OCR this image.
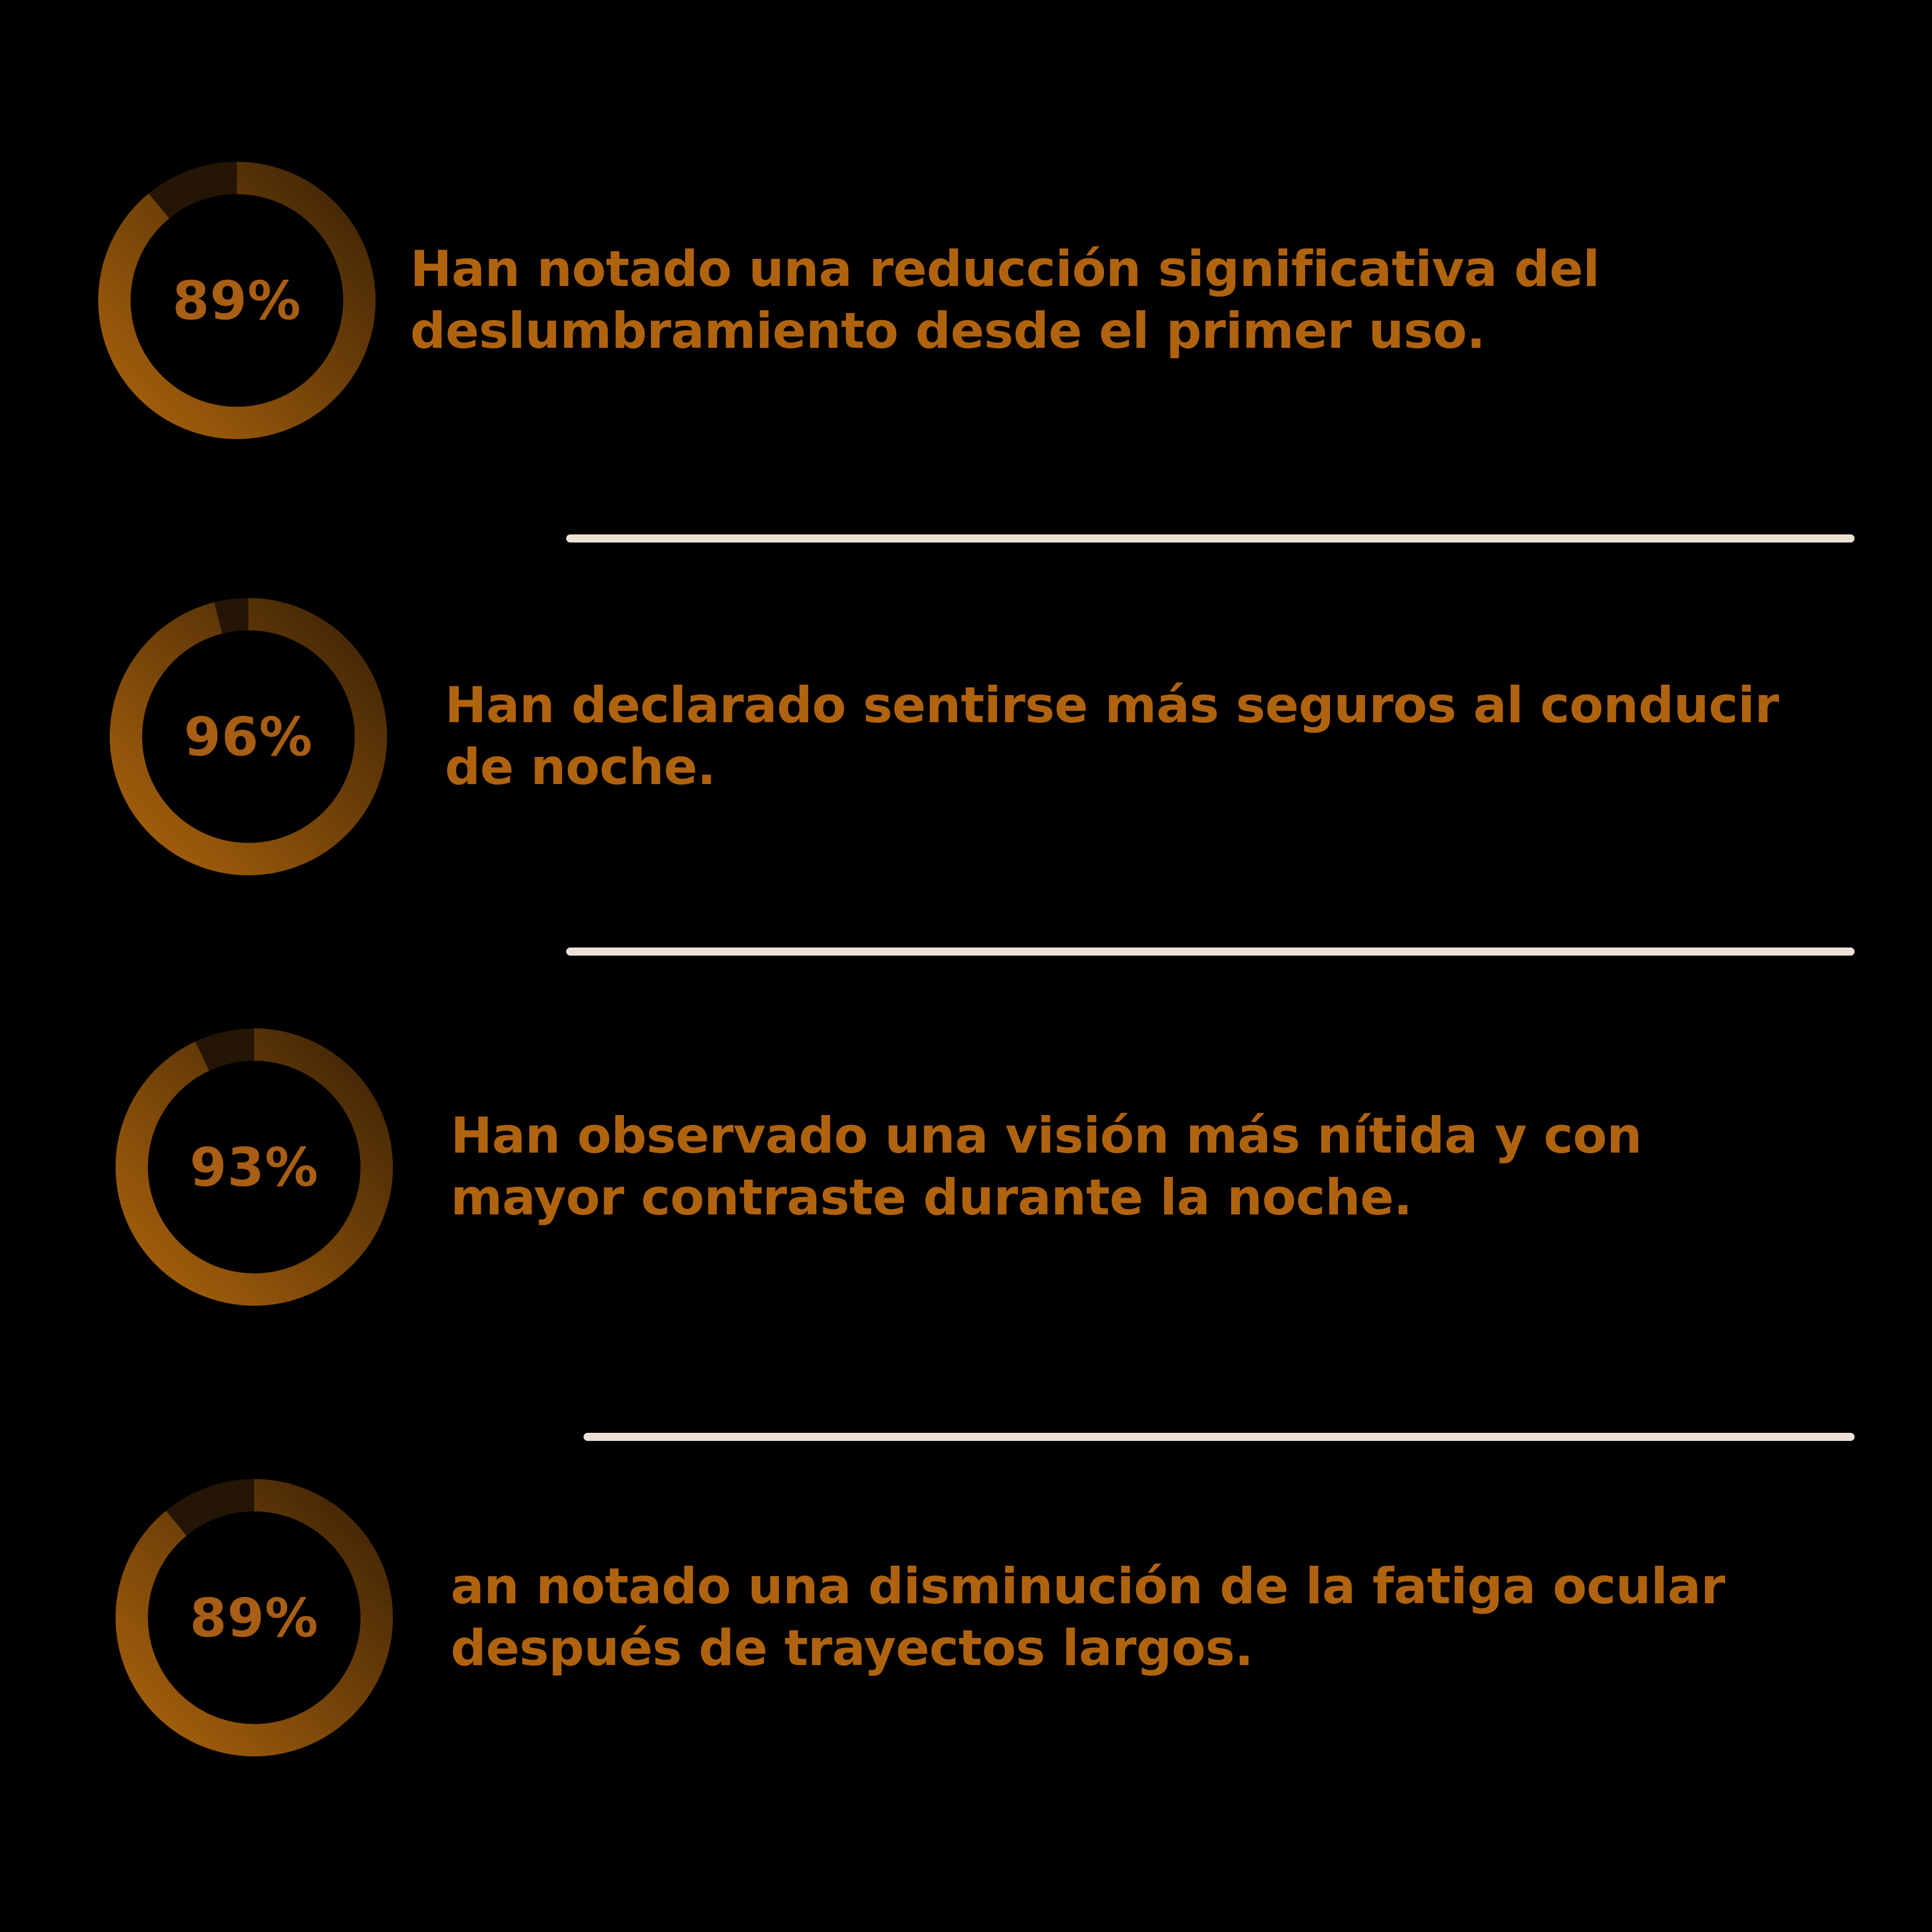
89%
Han notado una reducción significativa del deslumbramiento desde el primer uso.
96%
Han declarado sentirse más seguros al conducir de noche.
93%
Han observado una visión más nítida y con mayor contraste durante la noche.
89%
an notado una disminución de la fatiga ocular después de trayectos largos.
